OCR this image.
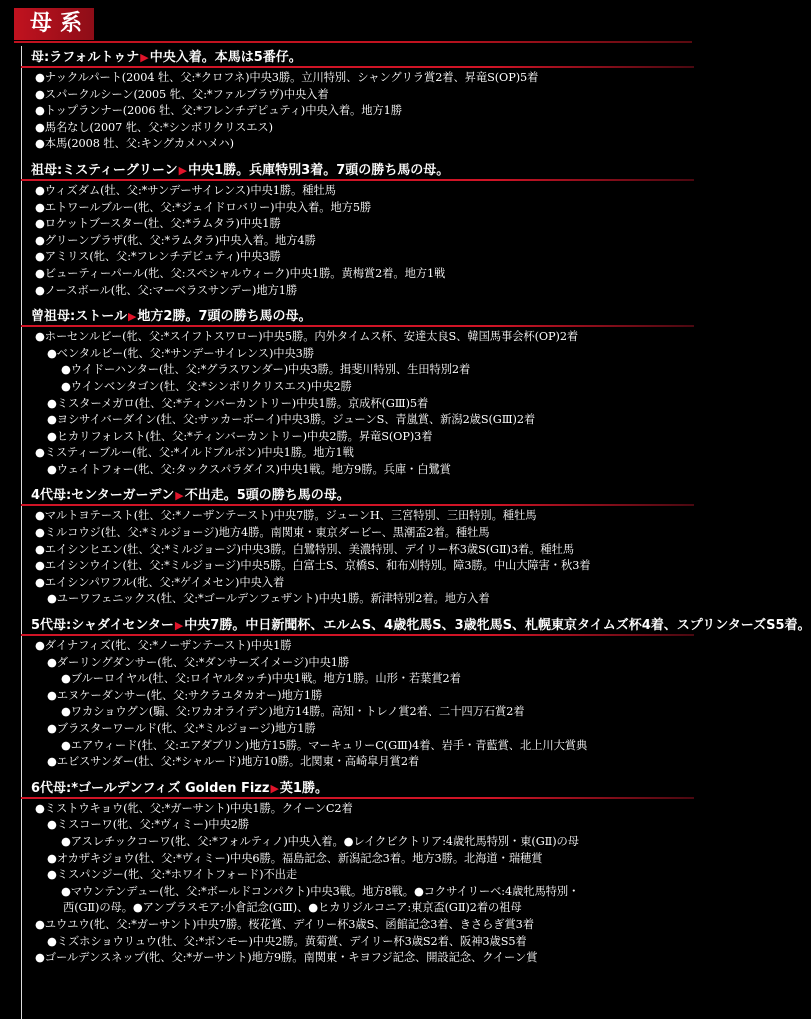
母系
母:ラフォルトゥナ▶中央入着。本馬は5番仔。
●ナックルパート(2004 牡、父:*クロフネ)中央3勝。立川特別、シャングリラ賞2着、昇竜S(OP)5着
●スパークルシーン(2005 牝、父:*ファルブラヴ)中央入着
●トップランナー(2006 牡、父:*フレンチデピュティ)中央入着。地方1勝
●馬名なし(2007 牝、父:*シンボリクリスエス)
●本馬(2008 牡、父:キングカメハメハ)
祖母:ミスティーグリーン▶中央1勝。兵庫特別3着。7頭の勝ち馬の母。
●ウィズダム(牡、父:*サンデーサイレンス)中央1勝。種牡馬
●エトワールブルー(牝、父:*ジェイドロバリー)中央入着。地方5勝
●ロケットブースター(牡、父:*ラムタラ)中央1勝
●グリーンプラザ(牝、父:*ラムタラ)中央入着。地方4勝
●アミリス(牝、父:*フレンチデピュティ)中央3勝
●ビューティーパール(牝、父:スペシャルウィーク)中央1勝。黄梅賞2着。地方1戦
●ノースボール(牝、父:マーベラスサンデー)地方1勝
曾祖母:ストール▶地方2勝。7頭の勝ち馬の母。
●ホーセンルビー(牝、父:*スイフトスワロー)中央5勝。内外タイムス杯、安達太良S、韓国馬事会杯(OP)2着
●ベンタルビー(牝、父:*サンデーサイレンス)中央3勝
●ウイドーハンター(牡、父:*グラスワンダー)中央3勝。揖斐川特別、生田特別2着
●ウインベンタゴン(牡、父:*シンボリクリスエス)中央2勝
●ミスターメガロ(牡、父:*ティンバーカントリー)中央1勝。京成杯(GⅢ)5着
●ヨシサイバーダイン(牡、父:サッカーボーイ)中央3勝。ジューンS、青嵐賞、新潟2歳S(GⅢ)2着
●ヒカリフォレスト(牡、父:*ティンバーカントリー)中央2勝。昇竜S(OP)3着
●ミスティーブルー(牝、父:*イルドブルボン)中央1勝。地方1戦
●ウェイトフォー(牝、父:タックスパラダイス)中央1戦。地方9勝。兵庫・白鷺賞
4代母:センターガーデン▶不出走。5頭の勝ち馬の母。
●マルトヨテースト(牡、父:*ノーザンテースト)中央7勝。ジューンH、三宮特別、三田特別。種牡馬
●ミルコウジ(牡、父:*ミルジョージ)地方4勝。南関東・東京ダービー、黒潮盃2着。種牡馬
●エイシンヒエン(牡、父:*ミルジョージ)中央3勝。白鷺特別、美濃特別、デイリー杯3歳S(GⅡ)3着。種牡馬
●エイシンウイン(牡、父:*ミルジョージ)中央5勝。白富士S、京橋S、和布刈特別。障3勝。中山大障害・秋3着
●エイシンパワフル(牝、父:*ゲイメセン)中央入着
●ユーワフェニックス(牡、父:*ゴールデンフェザント)中央1勝。新津特別2着。地方入着
5代母:シャダイセンター▶中央7勝。中日新聞杯、エルムS、4歳牝馬S、3歳牝馬S、札幌東京タイムズ杯4着、スプリンターズS5着。
●ダイナフィズ(牝、父:*ノーザンテースト)中央1勝
●ダーリングダンサー(牝、父:*ダンサーズイメージ)中央1勝
●ブルーロイヤル(牡、父:ロイヤルタッチ)中央1戦。地方1勝。山形・若葉賞2着
●エヌケーダンサー(牝、父:サクラユタカオー)地方1勝
●ワカショウグン(騸、父:ワカオライデン)地方14勝。高知・トレノ賞2着、二十四万石賞2着
●ブラスターワールド(牝、父:*ミルジョージ)地方1勝
●エアウィード(牡、父:エアダブリン)地方15勝。マーキュリーC(GⅢ)4着、岩手・青藍賞、北上川大賞典
●エビスサンダー(牡、父:*シャルード)地方10勝。北関東・高崎皐月賞2着
6代母:*ゴールデンフィズ Golden Fizz▶英1勝。
●ミストウキョウ(牝、父:*ガーサント)中央1勝。クイーンC2着
●ミスコーワ(牝、父:*ヴィミー)中央2勝
●アスレチックコーワ(牝、父:*フォルティノ)中央入着。●レイクビクトリア:4歳牝馬特別・東(GⅡ)の母
●オカザキジョウ(牡、父:*ヴィミー)中央6勝。福島記念、新潟記念3着。地方3勝。北海道・瑞穂賞
●ミスパンジー(牝、父:*ホワイトフォード)不出走
●マウンテンデュー(牝、父:*ボールドコンパクト)中央3戦。地方8戦。●コクサイリーベ:4歳牝馬特別・
西(GⅡ)の母。●アンブラスモア:小倉記念(GⅢ)、●ヒカリジルコニア:東京盃(GⅡ)2着の祖母
●ユウユウ(牝、父:*ガーサント)中央7勝。桜花賞、デイリー杯3歳S、函館記念3着、きさらぎ賞3着
●ミズホショウリュウ(牡、父:*ボンモー)中央2勝。黄菊賞、デイリー杯3歳S2着、阪神3歳S5着
●ゴールデンスネップ(牝、父:*ガーサント)地方9勝。南関東・キヨフジ記念、開設記念、クイーン賞
